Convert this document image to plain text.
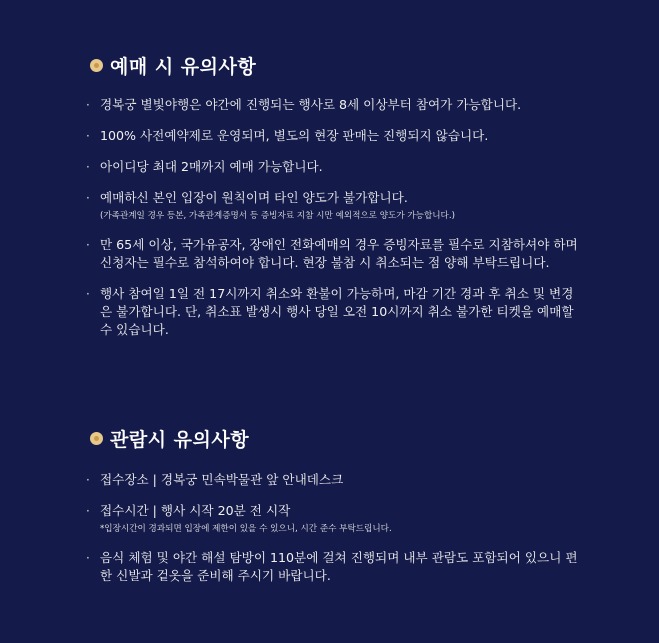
예매 시 유의사항
· 경복궁 별빛야행은 야간에 진행되는 행사로 8세 이상부터 참여가 가능합니다.
· 100% 사전예약제로 운영되며, 별도의 현장 판매는 진행되지 않습니다.
· 아이디당 최대 2매까지 예매 가능합니다.
· 예매하신 본인 입장이 원칙이며 타인 양도가 불가합니다.
(가족관계일 경우 등본, 가족관계증명서 등 증빙자료 지참 시만 예외적으로 양도가 가능합니다.)
· 만 65세 이상, 국가유공자, 장애인 전화예매의 경우 증빙자료를 필수로 지참하셔야 하며 신청자는 필수로 참석하여야 합니다. 현장 불참 시 취소되는 점 양해 부탁드립니다.
· 행사 참여일 1일 전 17시까지 취소와 환불이 가능하며, 마감 기간 경과 후 취소 및 변경은 불가합니다. 단, 취소표 발생시 행사 당일 오전 10시까지 취소 불가한 티켓을 예매할 수 있습니다.
관람시 유의사항
· 접수장소 | 경복궁 민속박물관 앞 안내데스크
· 접수시간 | 행사 시작 20분 전 시작
*입장시간이 경과되면 입장에 제한이 있을 수 있으니, 시간 준수 부탁드립니다.
· 음식 체험 및 야간 해설 탐방이 110분에 걸쳐 진행되며 내부 관람도 포함되어 있으니 편한 신발과 겉옷을 준비해 주시기 바랍니다.
